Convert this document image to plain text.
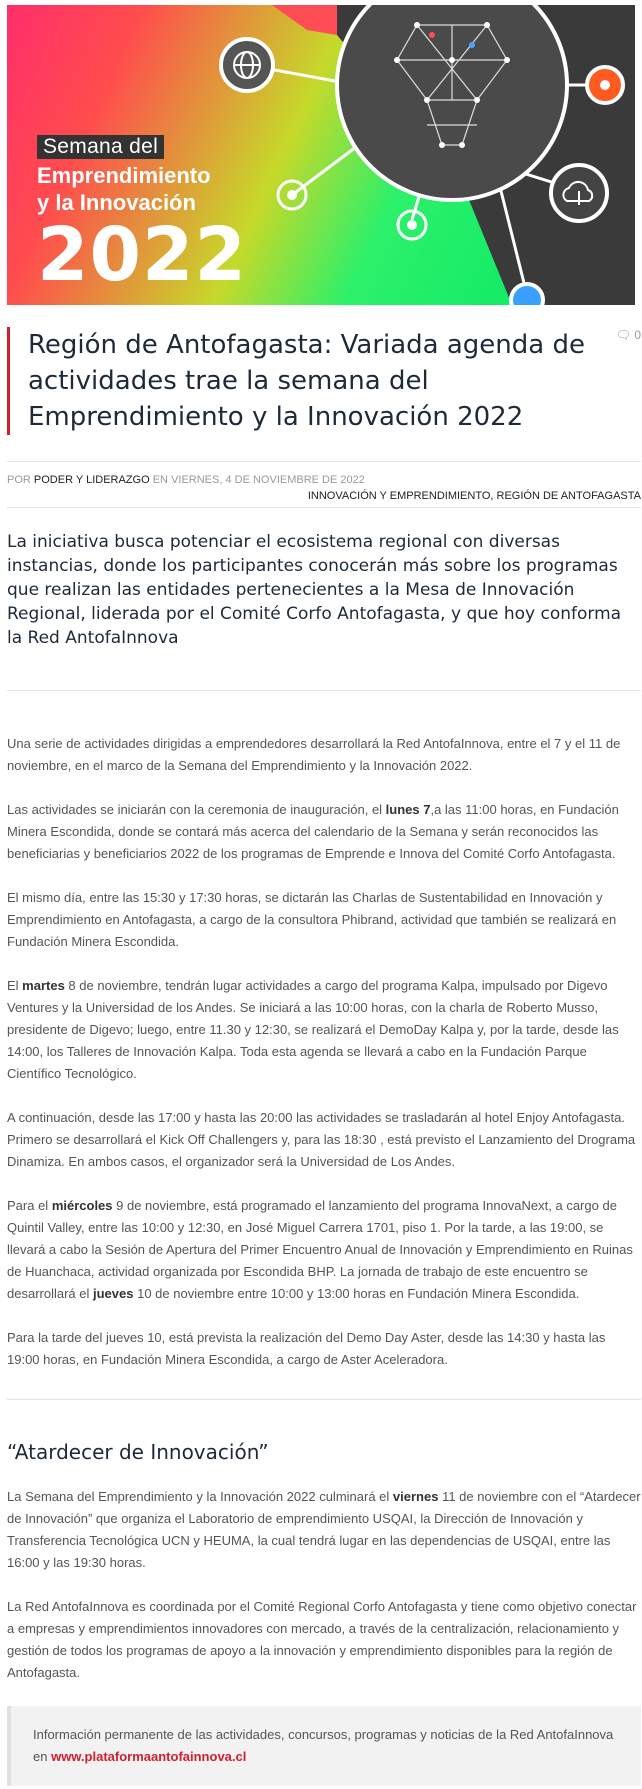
Semana del
Emprendimiento
y la Innovación
2022
Región de Antofagasta: Variada agenda de actividades trae la semana del Emprendimiento y la Innovación 2022
🗨 0
POR PODER Y LIDERAZGO EN VIERNES, 4 DE NOVIEMBRE DE 2022
INNOVACIÓN Y EMPRENDIMIENTO, REGIÓN DE ANTOFAGASTA

La iniciativa busca potenciar el ecosistema regional con diversas instancias, donde los participantes conocerán más sobre los programas que realizan las entidades pertenecientes a la Mesa de Innovación Regional, liderada por el Comité Corfo Antofagasta, y que hoy conforma la Red AntofaInnova

Una serie de actividades dirigidas a emprendedores desarrollará la Red AntofaInnova, entre el 7 y el 11 de noviembre, en el marco de la Semana del Emprendimiento y la Innovación 2022.

Las actividades se iniciarán con la ceremonia de inauguración, el lunes 7,a las 11:00 horas, en Fundación Minera Escondida, donde se contará más acerca del calendario de la Semana y serán reconocidos las beneficiarias y beneficiarios 2022 de los programas de Emprende e Innova del Comité Corfo Antofagasta.

El mismo día, entre las 15:30 y 17:30 horas, se dictarán las Charlas de Sustentabilidad en Innovación y Emprendimiento en Antofagasta, a cargo de la consultora Phibrand, actividad que también se realizará en Fundación Minera Escondida.

El martes 8 de noviembre, tendrán lugar actividades a cargo del programa Kalpa, impulsado por Digevo Ventures y la Universidad de los Andes. Se iniciará a las 10:00 horas, con la charla de Roberto Musso, presidente de Digevo; luego, entre 11.30 y 12:30, se realizará el DemoDay Kalpa y, por la tarde, desde las 14:00, los Talleres de Innovación Kalpa. Toda esta agenda se llevará a cabo en la Fundación Parque Científico Tecnológico.

A continuación, desde las 17:00 y hasta las 20:00 las actividades se trasladarán al hotel Enjoy Antofagasta. Primero se desarrollará el Kick Off Challengers y, para las 18:30 , está previsto el Lanzamiento del Drograma Dinamiza. En ambos casos, el organizador será la Universidad de Los Andes.

Para el miércoles 9 de noviembre, está programado el lanzamiento del programa InnovaNext, a cargo de Quintil Valley, entre las 10:00 y 12:30, en José Miguel Carrera 1701, piso 1. Por la tarde, a las 19:00, se llevará a cabo la Sesión de Apertura del Primer Encuentro Anual de Innovación y Emprendimiento en Ruinas de Huanchaca, actividad organizada por Escondida BHP. La jornada de trabajo de este encuentro se desarrollará el jueves 10 de noviembre entre 10:00 y 13:00 horas en Fundación Minera Escondida.

Para la tarde del jueves 10, está prevista la realización del Demo Day Aster, desde las 14:30 y hasta las 19:00 horas, en Fundación Minera Escondida, a cargo de Aster Aceleradora.

“Atardecer de Innovación”

La Semana del Emprendimiento y la Innovación 2022 culminará el viernes 11 de noviembre con el “Atardecer de Innovación” que organiza el Laboratorio de emprendimiento USQAI, la Dirección de Innovación y Transferencia Tecnológica UCN y HEUMA, la cual tendrá lugar en las dependencias de USQAI, entre las 16:00 y las 19:30 horas.

La Red AntofaInnova es coordinada por el Comité Regional Corfo Antofagasta y tiene como objetivo conectar a empresas y emprendimientos innovadores con mercado, a través de la centralización, relacionamiento y gestión de todos los programas de apoyo a la innovación y emprendimiento disponibles para la región de Antofagasta.

Información permanente de las actividades, concursos, programas y noticias de la Red AntofaInnova en www.plataformaantofainnova.cl
